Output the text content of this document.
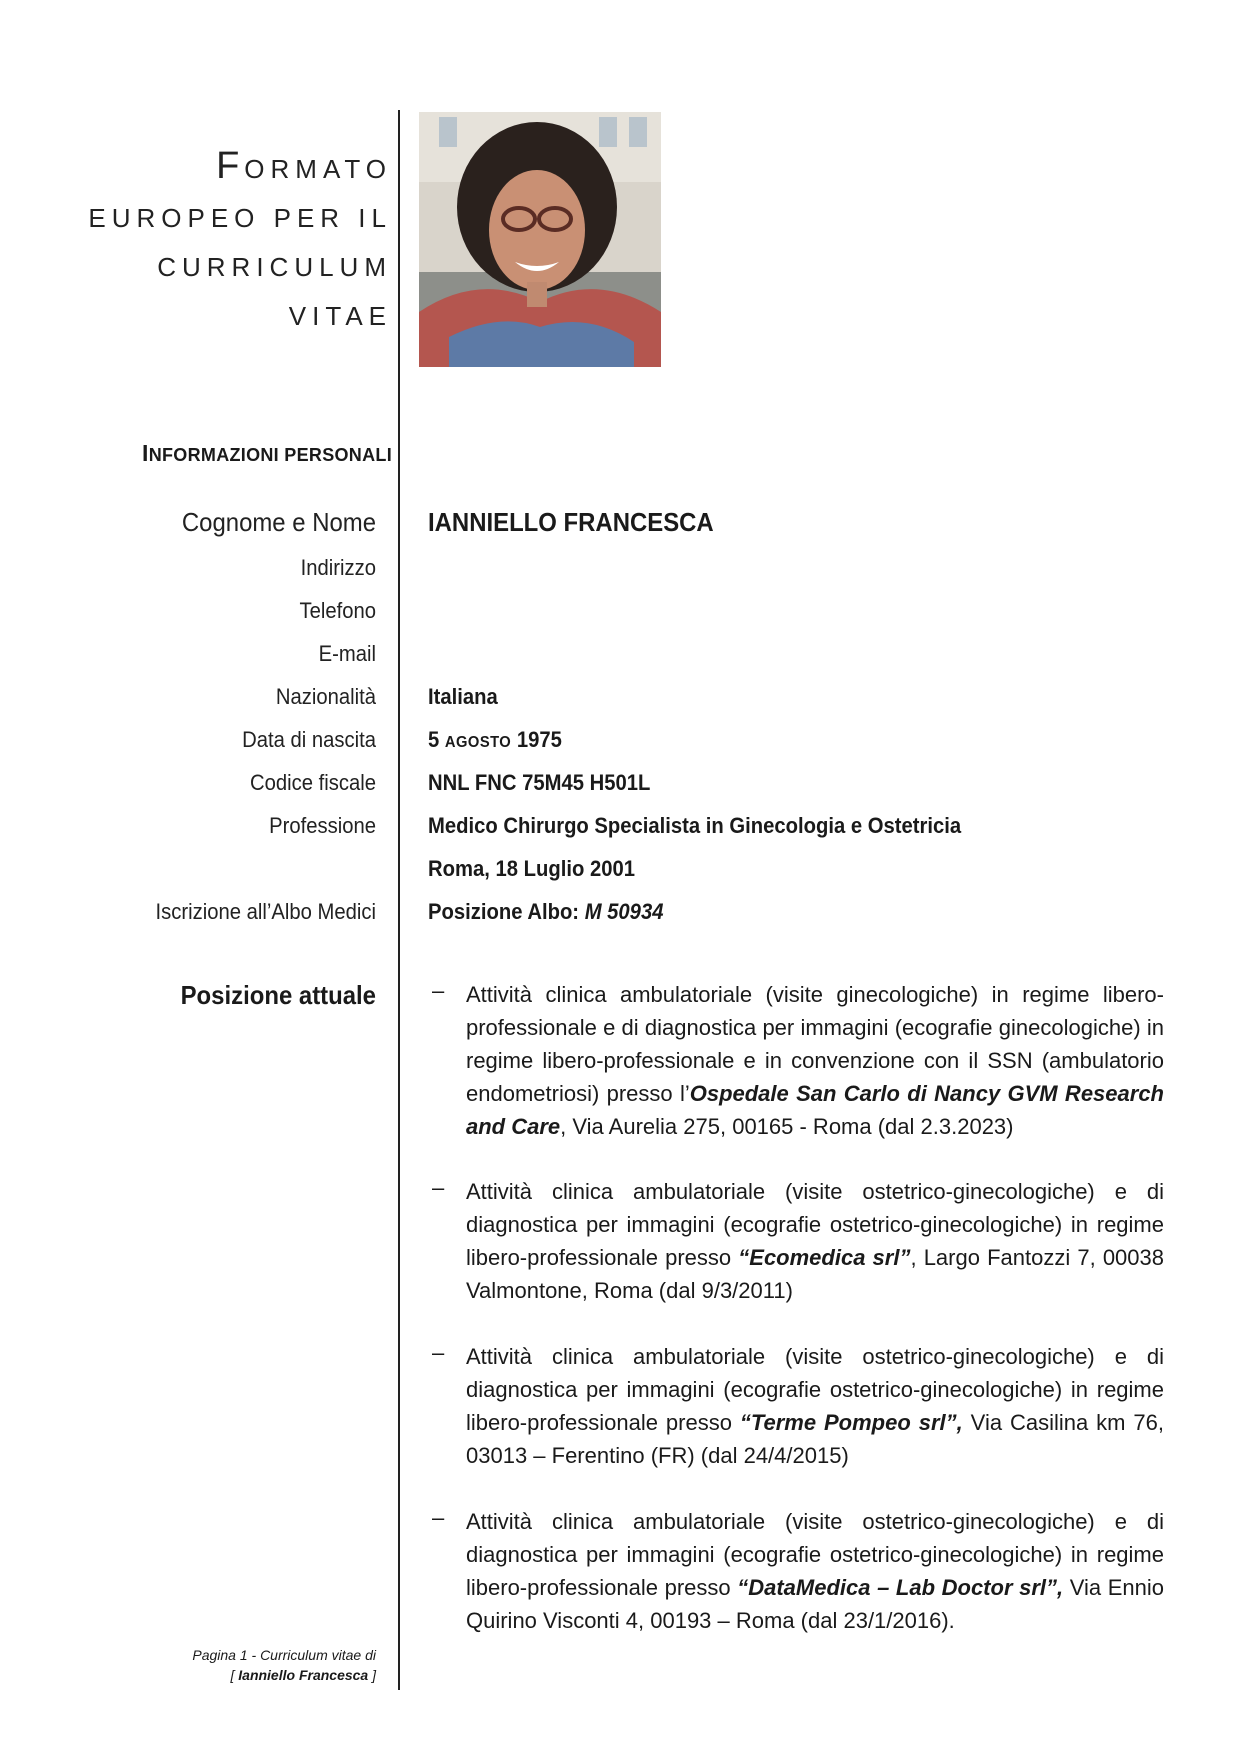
FORMATO
EUROPEO PER IL
CURRICULUM
VITAE
INFORMAZIONI PERSONALI
Cognome e Nome IANNIELLO FRANCESCA
Indirizzo
Telefono
E-mail
Nazionalità Italiana
Data di nascita 5 AGOSTO 1975
Codice fiscale NNL FNC 75M45 H501L
Professione Medico Chirurgo Specialista in Ginecologia e Ostetricia
Roma, 18 Luglio 2001
Iscrizione all’Albo Medici Posizione Albo: M 50934
Posizione attuale	– Attività clinica ambulatoriale (visite ginecologiche) in regime libero-professionale e di diagnostica per immagini (ecografie ginecologiche) in regime libero-professionale e in convenzione con il SSN (ambulatorio endometriosi) presso l’Ospedale San Carlo di Nancy GVM Research and Care, Via Aurelia 275, 00165 - Roma (dal 2.3.2023)

– Attività clinica ambulatoriale (visite ostetrico-ginecologiche) e di diagnostica per immagini (ecografie ostetrico-ginecologiche) in regime libero-professionale presso “Ecomedica srl”, Largo Fantozzi 7, 00038 Valmontone, Roma (dal 9/3/2011)

– Attività clinica ambulatoriale (visite ostetrico-ginecologiche) e di diagnostica per immagini (ecografie ostetrico-ginecologiche) in regime libero-professionale presso “Terme Pompeo srl”, Via Casilina km 76, 03013 – Ferentino (FR) (dal 24/4/2015)

– Attività clinica ambulatoriale (visite ostetrico-ginecologiche) e di diagnostica per immagini (ecografie ostetrico-ginecologiche) in regime libero-professionale presso “DataMedica – Lab Doctor srl”, Via Ennio Quirino Visconti 4, 00193 – Roma (dal 23/1/2016).

Pagina 1 - Curriculum vitae di
[ Ianniello Francesca ]
